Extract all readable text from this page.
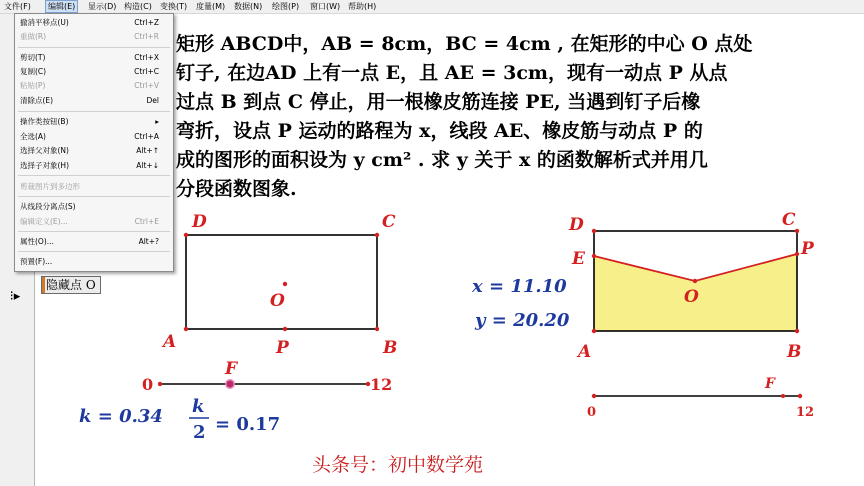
文件(F)	编辑(E)	显示(D) 构造(C) 变换(T) 度量(M) 数据(N) 绘图(P) 窗口(W) 帮助(H)
⁝▸
隐藏点 O
矩形 ABCD中，AB = 8cm，BC = 4cm , 在矩形的中心 O 点处
钉子, 在边AD 上有一点 E，且 AE = 3cm，现有一动点 P 从点
过点 B 到点 C 停止，用一根橡皮筋连接 PE, 当遇到钉子后橡
弯折，设点 P 运动的路程为 x，线段 AE、橡皮筋与动点 P 的
成的图形的面积设为 y cm² . 求 y 关于 x 的函数解析式并用几
分段函数图象.
D	C
A	B
O
P
0	12
F
k = 0.34 k
2 = 0.17
D	C
E	P
O
A	B
x = 11.10
y = 20.20
0	12
F
头条号：初中数学苑
撤消平移点(U)	Ctrl+Z
重做(R)	Ctrl+R
剪切(T)	Ctrl+X
复制(C)	Ctrl+C
粘贴(P)	Ctrl+V
清除点(E)	Del
操作类按钮(B)	▸
全选(A)	Ctrl+A
选择父对象(N)	Alt+↑
选择子对象(H)	Alt+↓
剪裁图片到多边形
从线段分离点(S)
编辑定义(E)...	Ctrl+E
属性(O)...	Alt+?
预置(F)...
